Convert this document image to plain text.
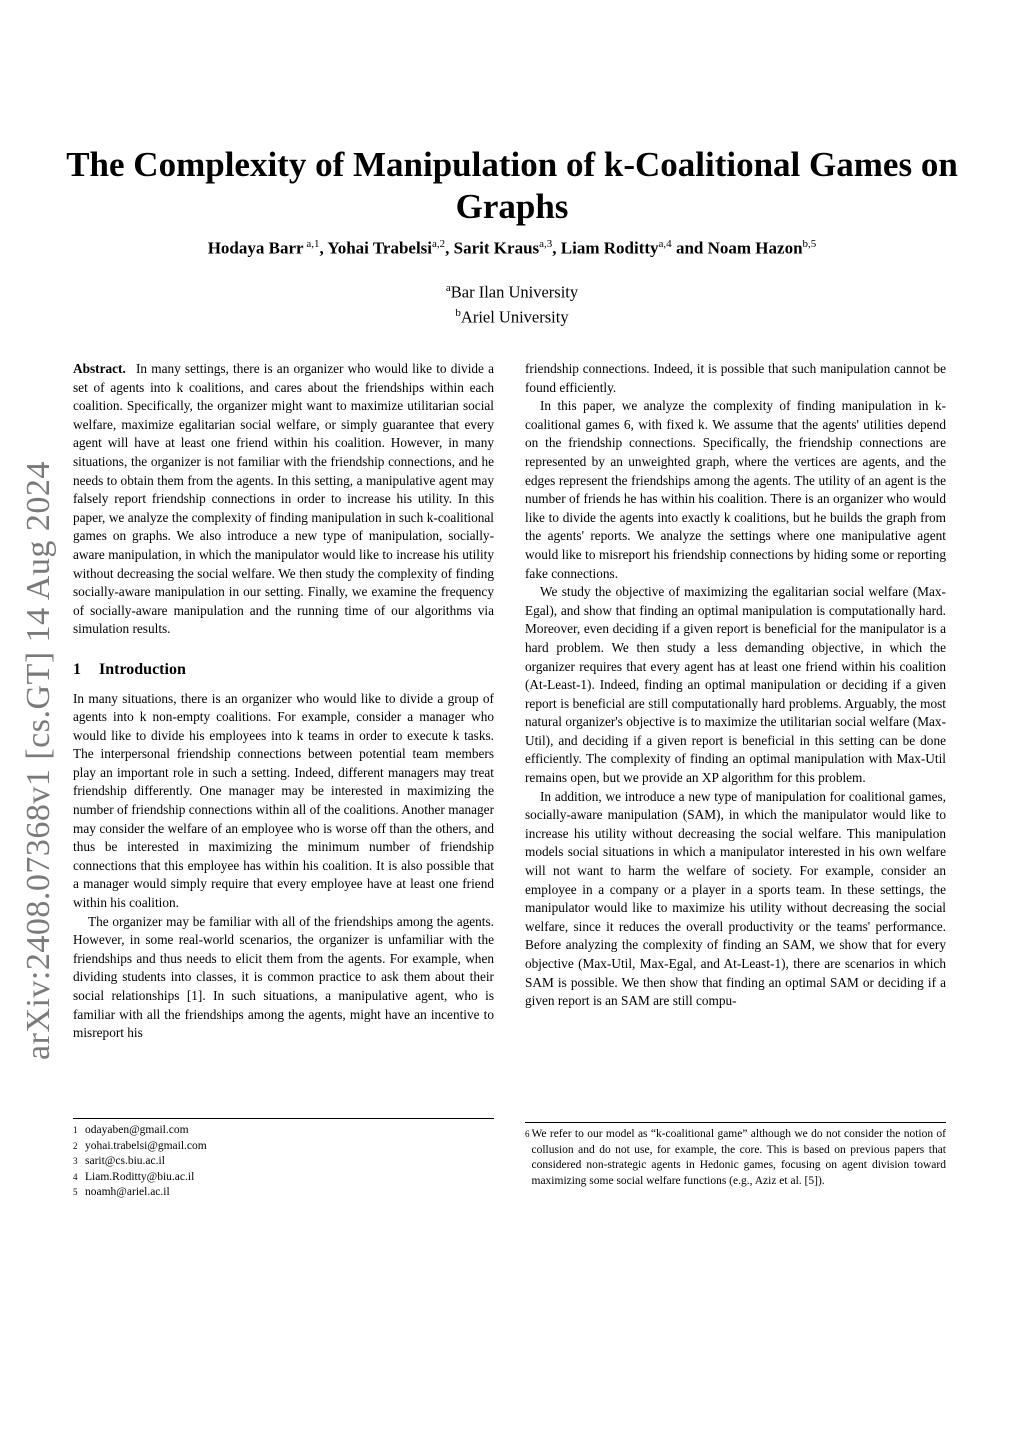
arXiv:2408.07368v1 [cs.GT] 14 Aug 2024
The Complexity of Manipulation of k-Coalitional Games on Graphs
Hodaya Barr $^{a,1}$, Yohai Trabelsi$^{a,2}$, Sarit Kraus$^{a,3}$, Liam Roditty$^{a,4}$ and Noam Hazon$^{b,5}$
$^a$Bar Ilan University
$^b$Ariel University

Abstract. In many settings, there is an organizer who would like to divide a set of agents into k coalitions, and cares about the friendships within each coalition. Specifically, the organizer might want to maximize utilitarian social welfare, maximize egalitarian social welfare, or simply guarantee that every agent will have at least one friend within his coalition. However, in many situations, the organizer is not familiar with the friendship connections, and he needs to obtain them from the agents. In this setting, a manipulative agent may falsely report friendship connections in order to increase his utility. In this paper, we analyze the complexity of finding manipulation in such k-coalitional games on graphs. We also introduce a new type of manipulation, socially-aware manipulation, in which the manipulator would like to increase his utility without decreasing the social welfare. We then study the complexity of finding socially-aware manipulation in our setting. Finally, we examine the frequency of socially-aware manipulation and the running time of our algorithms via simulation results.

1 Introduction

In many situations, there is an organizer who would like to divide a group of agents into k non-empty coalitions. For example, consider a manager who would like to divide his employees into k teams in order to execute k tasks. The interpersonal friendship connections between potential team members play an important role in such a setting. Indeed, different managers may treat friendship differently. One manager may be interested in maximizing the number of friendship connections within all of the coalitions. Another manager may consider the welfare of an employee who is worse off than the others, and thus be interested in maximizing the minimum number of friendship connections that this employee has within his coalition. It is also possible that a manager would simply require that every employee have at least one friend within his coalition.

The organizer may be familiar with all of the friendships among the agents. However, in some real-world scenarios, the organizer is unfamiliar with the friendships and thus needs to elicit them from the agents. For example, when dividing students into classes, it is common practice to ask them about their social relationships [1]. In such situations, a manipulative agent, who is familiar with all the friendships among the agents, might have an incentive to misreport his

friendship connections. Indeed, it is possible that such manipulation cannot be found efficiently.

In this paper, we analyze the complexity of finding manipulation in k-coalitional games 6, with fixed k. We assume that the agents' utilities depend on the friendship connections. Specifically, the friendship connections are represented by an unweighted graph, where the vertices are agents, and the edges represent the friendships among the agents. The utility of an agent is the number of friends he has within his coalition. There is an organizer who would like to divide the agents into exactly k coalitions, but he builds the graph from the agents' reports. We analyze the settings where one manipulative agent would like to misreport his friendship connections by hiding some or reporting fake connections.

We study the objective of maximizing the egalitarian social welfare (Max-Egal), and show that finding an optimal manipulation is computationally hard. Moreover, even deciding if a given report is beneficial for the manipulator is a hard problem. We then study a less demanding objective, in which the organizer requires that every agent has at least one friend within his coalition (At-Least-1). Indeed, finding an optimal manipulation or deciding if a given report is beneficial are still computationally hard problems. Arguably, the most natural organizer's objective is to maximize the utilitarian social welfare (Max-Util), and deciding if a given report is beneficial in this setting can be done efficiently. The complexity of finding an optimal manipulation with Max-Util remains open, but we provide an XP algorithm for this problem.

In addition, we introduce a new type of manipulation for coalitional games, socially-aware manipulation (SAM), in which the manipulator would like to increase his utility without decreasing the social welfare. This manipulation models social situations in which a manipulator interested in his own welfare will not want to harm the welfare of society. For example, consider an employee in a company or a player in a sports team. In these settings, the manipulator would like to maximize his utility without decreasing the social welfare, since it reduces the overall productivity or the teams' performance. Before analyzing the complexity of finding an SAM, we show that for every objective (Max-Util, Max-Egal, and At-Least-1), there are scenarios in which SAM is possible. We then show that finding an optimal SAM or deciding if a given report is an SAM are still compu-

1 odayaben@gmail.com
2 yohai.trabelsi@gmail.com
3 sarit@cs.biu.ac.il
4 Liam.Roditty@biu.ac.il
5 noamh@ariel.ac.il
6 We refer to our model as “k-coalitional game” although we do not consider the notion of collusion and do not use, for example, the core. This is based on previous papers that considered non-strategic agents in Hedonic games, focusing on agent division toward maximizing some social welfare functions (e.g., Aziz et al. [5]).
